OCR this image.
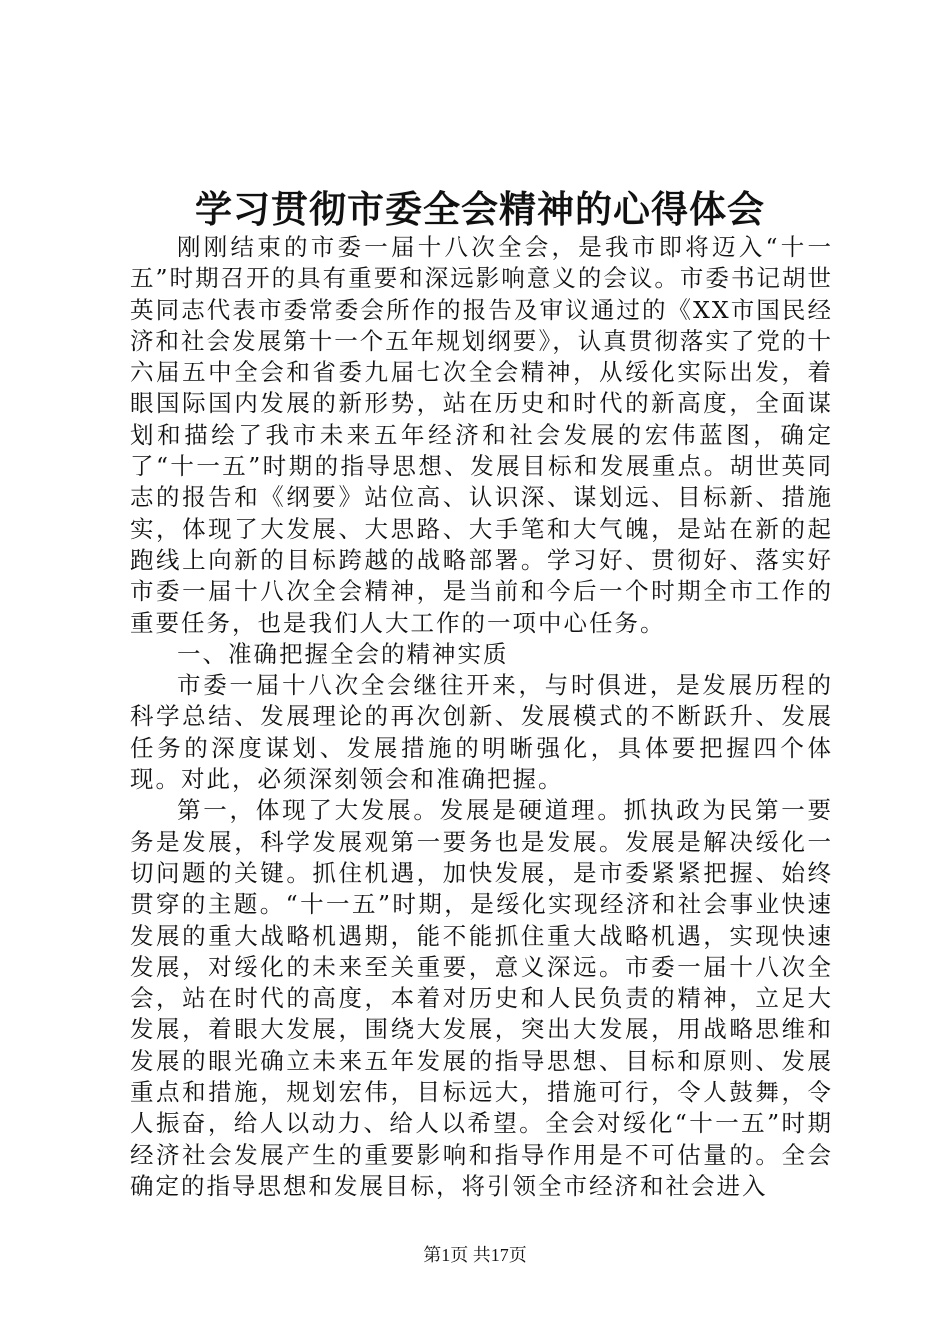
学习贯彻市委全会精神的心得体会

刚刚结束的市委一届十八次全会，是我市即将迈入“十一五”时期召开的具有重要和深远影响意义的会议。市委书记胡世英同志代表市委常委会所作的报告及审议通过的《XX市国民经济和社会发展第十一个五年规划纲要》，认真贯彻落实了党的十六届五中全会和省委九届七次全会精神，从绥化实际出发，着眼国际国内发展的新形势，站在历史和时代的新高度，全面谋划和描绘了我市未来五年经济和社会发展的宏伟蓝图，确定了“十一五”时期的指导思想、发展目标和发展重点。胡世英同志的报告和《纲要》站位高、认识深、谋划远、目标新、措施实，体现了大发展、大思路、大手笔和大气魄，是站在新的起跑线上向新的目标跨越的战略部署。学习好、贯彻好、落实好市委一届十八次全会精神，是当前和今后一个时期全市工作的重要任务，也是我们人大工作的一项中心任务。

一、准确把握全会的精神实质

市委一届十八次全会继往开来，与时俱进，是发展历程的科学总结、发展理论的再次创新、发展模式的不断跃升、发展任务的深度谋划、发展措施的明晰强化，具体要把握四个体现。对此，必须深刻领会和准确把握。

第一，体现了大发展。发展是硬道理。抓执政为民第一要务是发展，科学发展观第一要务也是发展。发展是解决绥化一切问题的关键。抓住机遇，加快发展，是市委紧紧把握、始终贯穿的主题。“十一五”时期，是绥化实现经济和社会事业快速发展的重大战略机遇期，能不能抓住重大战略机遇，实现快速发展，对绥化的未来至关重要，意义深远。市委一届十八次全会，站在时代的高度，本着对历史和人民负责的精神，立足大发展，着眼大发展，围绕大发展，突出大发展，用战略思维和发展的眼光确立未来五年发展的指导思想、目标和原则、发展重点和措施，规划宏伟，目标远大，措施可行，令人鼓舞，令人振奋，给人以动力、给人以希望。全会对绥化“十一五”时期经济社会发展产生的重要影响和指导作用是不可估量的。全会确定的指导思想和发展目标，将引领全市经济和社会进入

第1页 共17页
